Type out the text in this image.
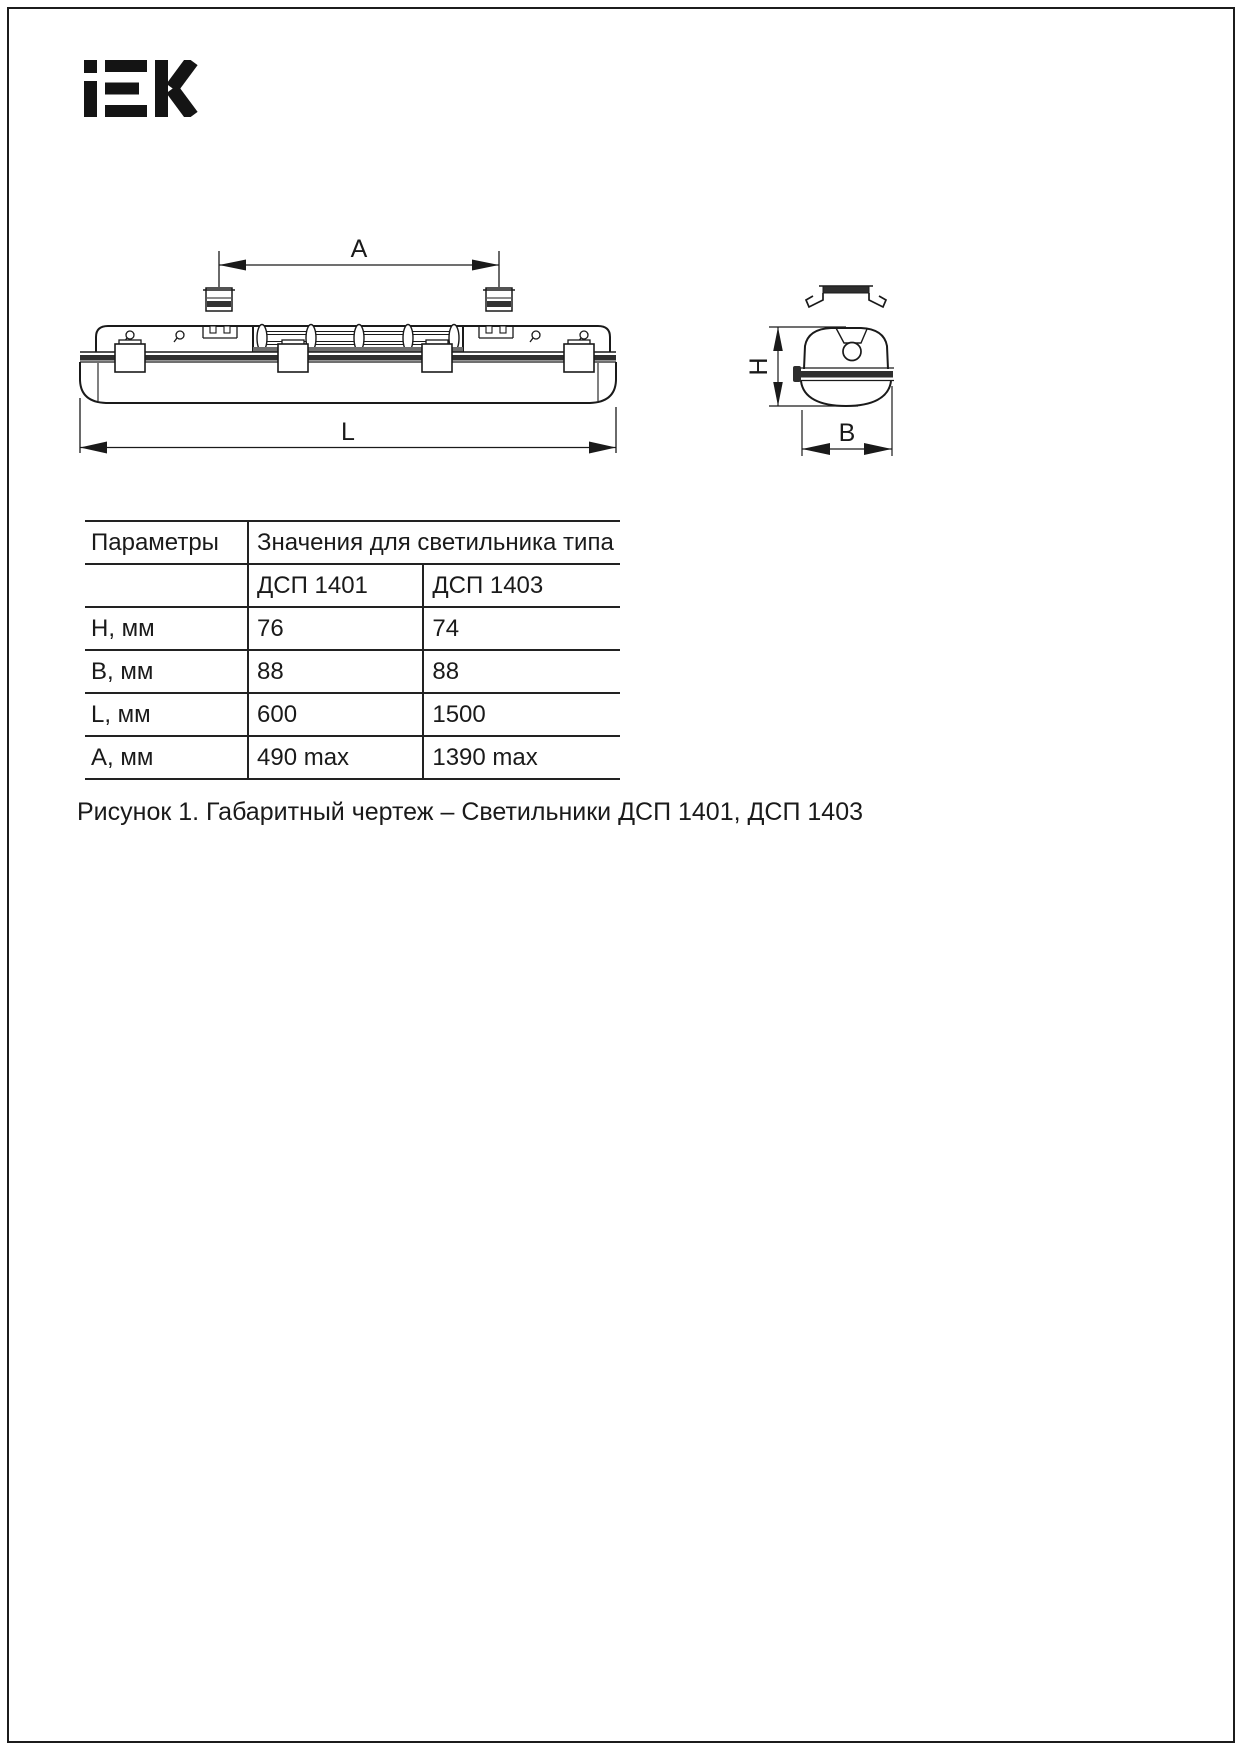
A
L
H
B
Параметры	Значения для светильника типа	
	ДСП 1401	ДСП 1403
H, мм	76	74
B, мм	88	88
L, мм	600	1500
A, мм	490 max	1390 max

Рисунок 1. Габаритный чертеж – Светильники ДСП 1401, ДСП 1403
